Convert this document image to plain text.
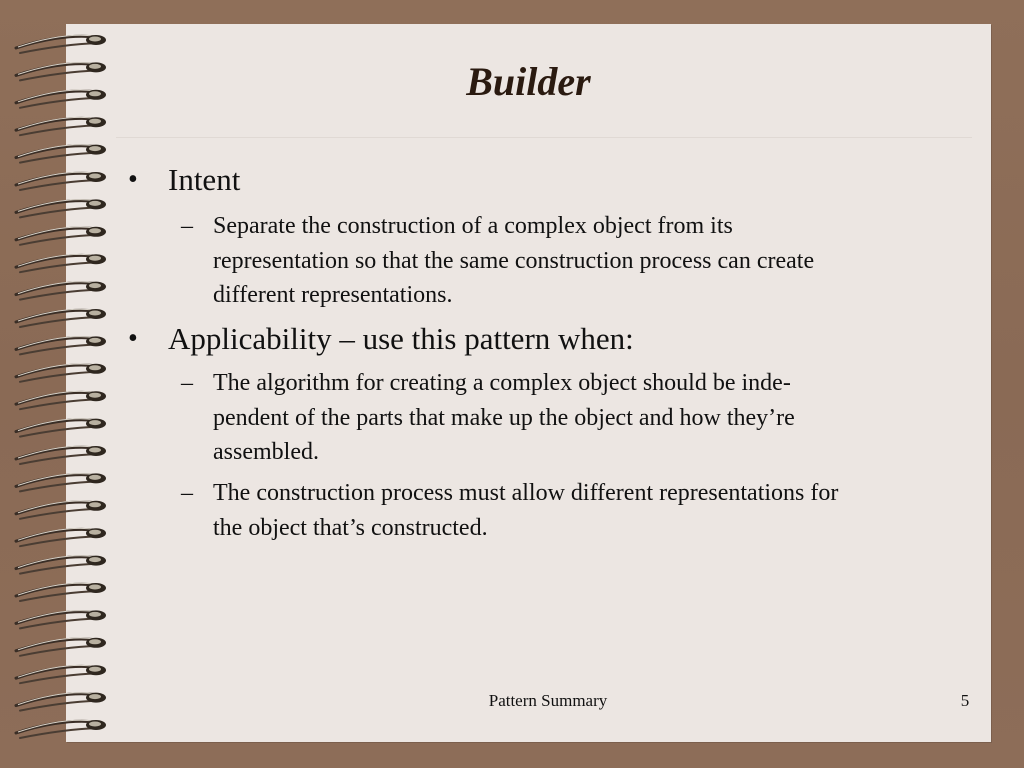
Builder
• Intent
– Separate the construction of a complex object from its
representation so that the same construction process can create
different representations.
• Applicability – use this pattern when:
– The algorithm for creating a complex object should be inde-
pendent of the parts that make up the object and how they’re
assembled.
– The construction process must allow different representations for
the object that’s constructed.
Pattern Summary	5
